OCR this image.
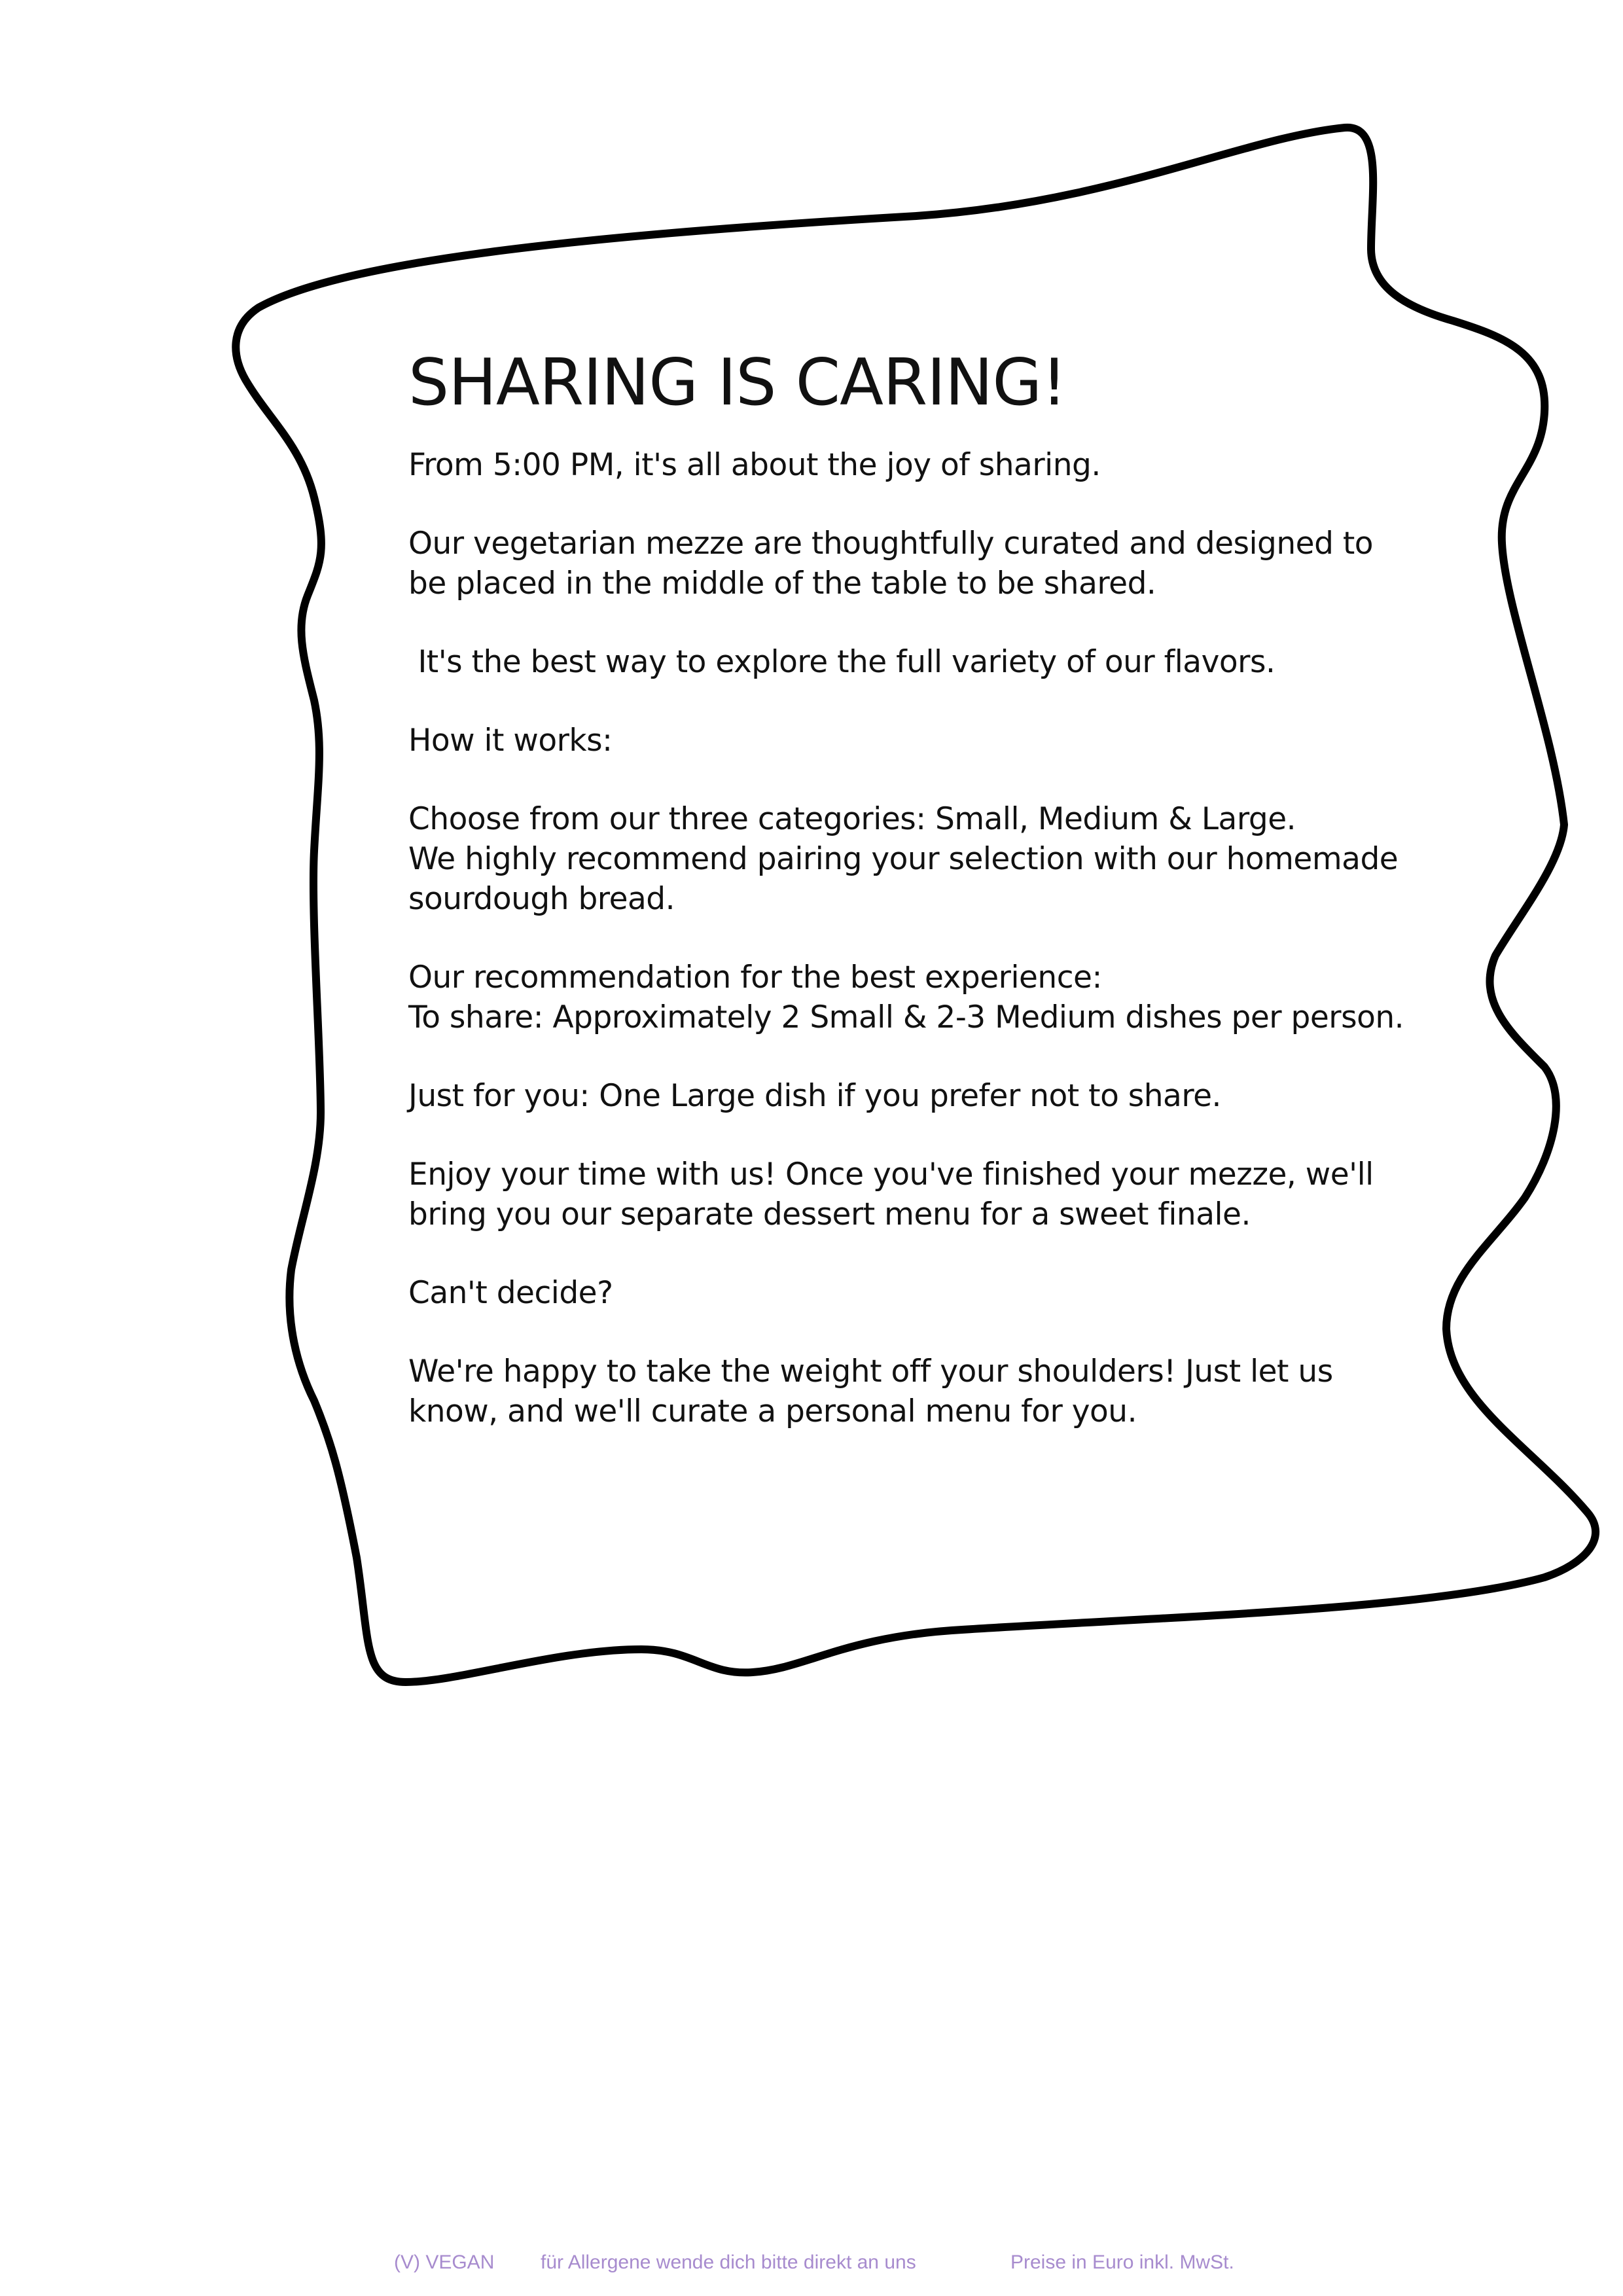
SHARING IS CARING!
From 5:00 PM, it's all about the joy of sharing.
Our vegetarian mezze are thoughtfully curated and designed to
be placed in the middle of the table to be shared.
It's the best way to explore the full variety of our flavors.
How it works:
Choose from our three categories: Small, Medium & Large.
We highly recommend pairing your selection with our homemade
sourdough bread.
Our recommendation for the best experience:
To share: Approximately 2 Small & 2-3 Medium dishes per person.
Just for you: One Large dish if you prefer not to share.
Enjoy your time with us! Once you've finished your mezze, we'll
bring you our separate dessert menu for a sweet finale.
Can't decide?
We're happy to take the weight off your shoulders! Just let us
know, and we'll curate a personal menu for you.
(V) VEGAN für Allergene wende dich bitte direkt an uns	Preise in Euro inkl. MwSt.
